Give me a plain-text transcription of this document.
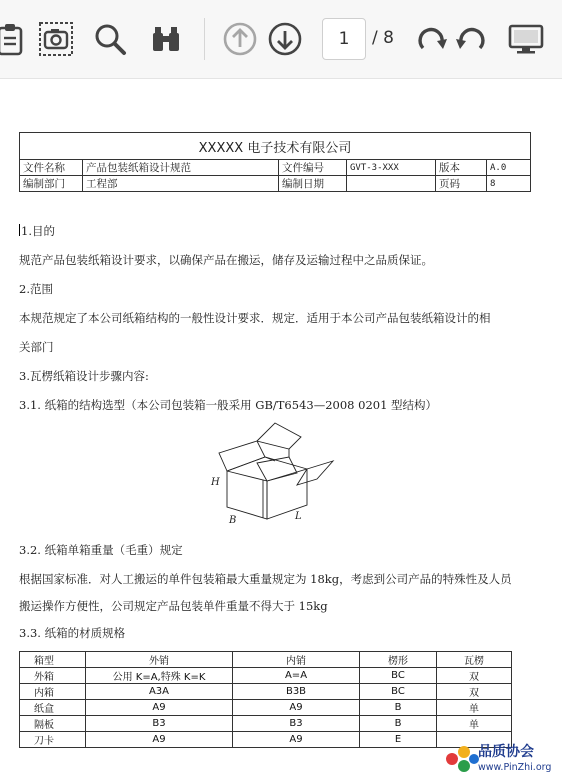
1
/ 8
XXXXX 电子技术有限公司					
文件名称	产品包装纸箱设计规范	文件编号	GVT-3-XXX	版本	A.0
编制部门	工程部	编制日期		页码	8
1.目的
规范产品包装纸箱设计要求，以确保产品在搬运，储存及运输过程中之品质保证。
2.范围
本规范规定了本公司纸箱结构的一般性设计要求．规定．适用于本公司产品包装纸箱设计的相
关部门
3.瓦楞纸箱设计步骤内容:
3.1. 纸箱的结构选型（本公司包装箱一般采用 GB/T6543—2008 0201 型结构）
H
B	L
3.2. 纸箱单箱重量（毛重）规定
根据国家标准．对人工搬运的单件包装箱最大重量规定为 18kg，考虑到公司产品的特殊性及人员
搬运操作方便性，公司规定产品包装单件重量不得大于 15kg
3.3. 纸箱的材质规格
箱型	外销	内销	楞形	瓦楞
外箱	公用 K=A,特殊 K=K	A=A	BC	双
内箱	A3A	B3B	BC	双
纸盒	A9	A9	B	单
隔板	B3	B3	B	单
刀卡	A9	A9	E	
品质协会
www.PinZhi.org
